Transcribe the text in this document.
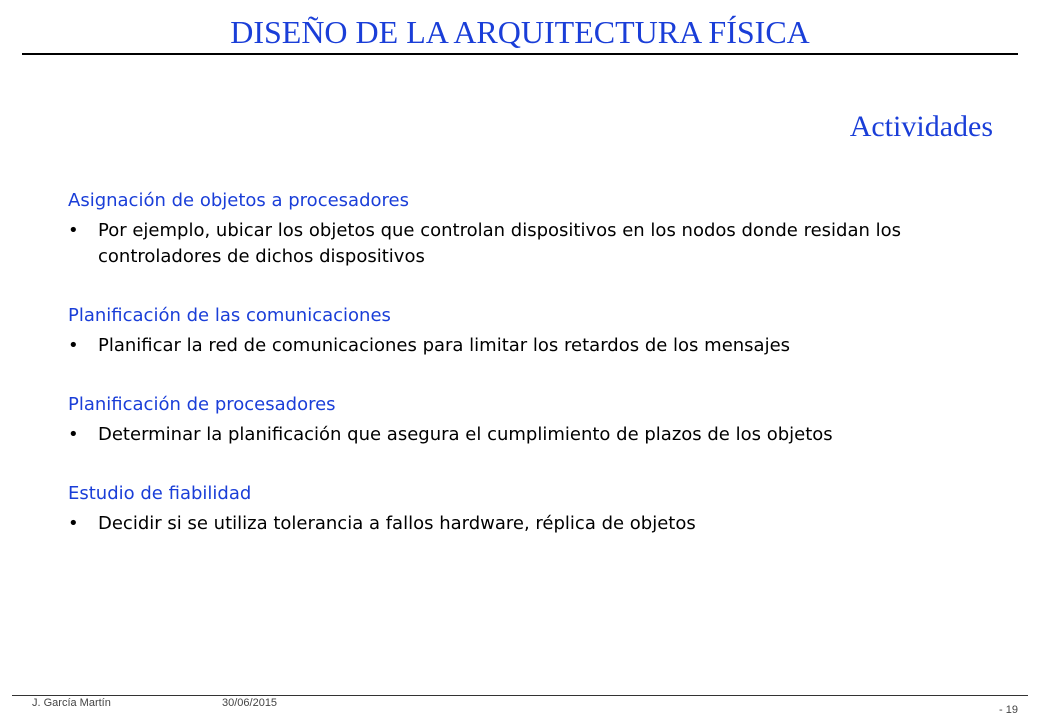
DISEÑO DE LA ARQUITECTURA FÍSICA
Actividades
Asignación de objetos a procesadores
•	Por ejemplo, ubicar los objetos que controlan dispositivos en los nodos donde residan los controladores de dichos dispositivos
Planificación de las comunicaciones
•	Planificar la red de comunicaciones para limitar los retardos de los mensajes
Planificación de procesadores
•	Determinar la planificación que asegura el cumplimiento de plazos de los objetos
Estudio de fiabilidad
•	Decidir si se utiliza tolerancia a fallos hardware, réplica de objetos
J. García Martín	30/06/2015
- 19
